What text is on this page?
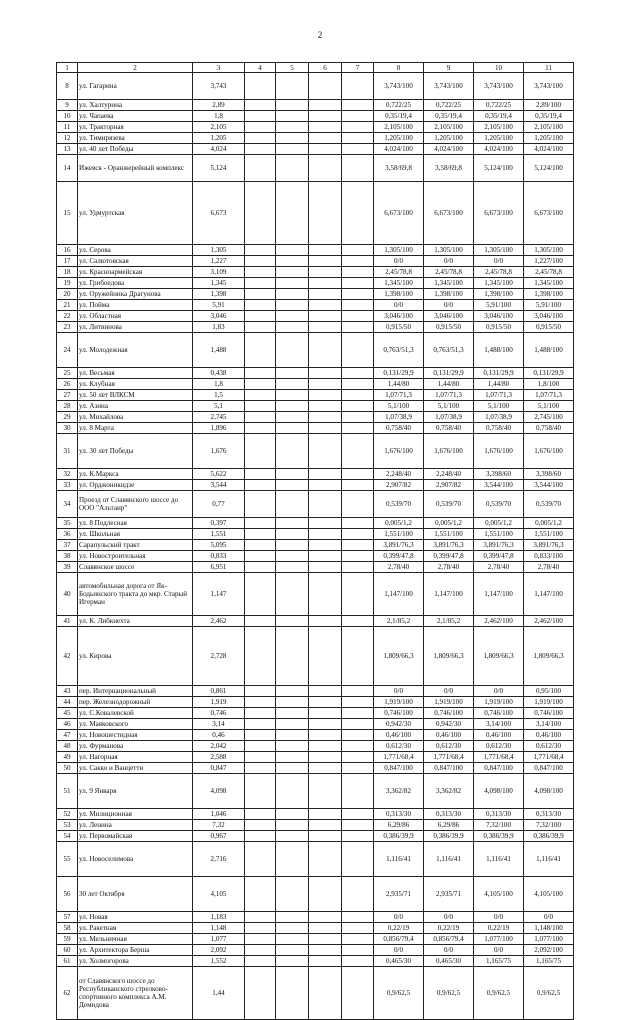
2
1	2	3	4	5	6	7	8	9	10	11
8	ул. Гагарина	3,743					3,743/100	3,743/100	3,743/100	3,743/100
9	ул. Халтурина	2,89					0,722/25	0,722/25	0,722/25	2,89/100
10	ул. Чапаева	1,8					0,35/19,4	0,35/19,4	0,35/19,4	0,35/19,4
11	ул. Тракторная	2,105					2,105/100	2,105/100	2,105/100	2,105/100
12	ул. Тимирязева	1,205					1,205/100	1,205/100	1,205/100	1,205/100
13	ул. 40 лет Победы	4,024					4,024/100	4,024/100	4,024/100	4,024/100
14	Ижевск - Оранжерейный комплекс	5,124					3,58/69,8	3,58/69,8	5,124/100	5,124/100
15	ул. Удмуртская	6,673					6,673/100	6,673/100	6,673/100	6,673/100
16	ул. Серова	1,305					1,305/100	1,305/100	1,305/100	1,305/100
17	ул. Салютовская	1,227					0/0	0/0	0/0	1,227/100
18	ул. Красноармейская	3,109					2,45/78,8	2,45/78,8	2,45/78,8	2,45/78,8
19	ул. Грибоедова	1,345					1,345/100	1,345/100	1,345/100	1,345/100
20	ул. Оружейника Драгунова	1,398					1,398/100	1,398/100	1,398/100	1,398/100
21	ул. Пойма	5,91					0/0	0/0	5,91/100	5,91/100
22	ул. Областная	3,046					3,046/100	3,046/100	3,046/100	3,046/100
23	ул. Литвинова	1,83					0,915/50	0,915/50	0,915/50	0,915/50
24	ул. Молодежная	1,488					0,763/51,3	0,763/51,3	1,488/100	1,488/100
25	ул. Весьмая	0,438					0,131/29,9	0,131/29,9	0,131/29,9	0,131/29,9
26	ул. Клубная	1,8					1,44/80	1,44/80	1,44/80	1,8/100
27	ул. 50 лет ВЛКСМ	1,5					1,07/71,3	1,07/71,3	1,07/71,3	1,07/71,3
28	ул. Азина	5,1					5,1/100	5,1/100	5,1/100	5,1/100
29	ул. Михайлова	2,745					1,07/38,9	1,07/38,9	1,07/38,9	2,745/100
30	ул. 8 Марта	1,896					0,758/40	0,758/40	0,758/40	0,758/40
31	ул. 30 лет Победы	1,676					1,676/100	1,676/100	1,676/100	1,676/100
32	ул. К.Маркса	5,622					2,248/40	2,248/40	3,398/60	3,398/60
33	ул. Орджоникидзе	3,544					2,907/82	2,907/82	3,544/100	3,544/100
34	Проезд от Славянского шоссе до ООО "Альтаир"	0,77					0,539/70	0,539/70	0,539/70	0,539/70
35	ул. 8 Подлесная	0,397					0,005/1,2	0,005/1,2	0,005/1,2	0,005/1,2
36	ул. Школьная	1,551					1,551/100	1,551/100	1,551/100	1,551/100
37	Сарапульский тракт	5,095					3,891/76,3	3,891/76,3	3,891/76,3	3,891/76,3
38	ул. Новостроительная	0,833					0,399/47,8	0,399/47,8	0,399/47,8	0,833/100
39	Славянское шоссе	6,951					2,78/40	2,78/40	2,78/40	2,78/40
40	автомобильная дорога от Як-Бодьинского тракта до мкр. Старый Игерман	1,147					1,147/100	1,147/100	1,147/100	1,147/100
41	ул. К. Либкнехта	2,462					2,1/85,2	2,1/85,2	2,462/100	2,462/100
42	ул. Кирова	2,728					1,809/66,3	1,809/66,3	1,809/66,3	1,809/66,3
43	пер. Интернациональный	0,861					0/0	0/0	0/0	0,95/100
44	пер. Железнодорожный	1,919					1,919/100	1,919/100	1,919/100	1,919/100
45	ул. С.Ковалевской	0,746					0,746/100	0,746/100	0,746/100	0,746/100
46	ул. Маяковского	3,14					0,942/30	0,942/30	3,14/100	3,14/100
47	ул. Новошестидная	0,46					0,46/100	0,46/100	0,46/100	0,46/100
48	ул. Фурманова	2,042					0,612/30	0,612/30	0,612/30	0,612/30
49	ул. Нагорная	2,588					1,771/68,4	1,771/68,4	1,771/68,4	1,771/68,4
50	ул. Сакко и Ванцетти	0,847					0,847/100	0,847/100	0,847/100	0,847/100
51	ул. 9 Января	4,098					3,362/82	3,362/82	4,098/100	4,098/100
52	ул. Милиционная	1,046					0,313/30	0,313/30	0,313/30	0,313/30
53	ул. Ленина	7,32					6,29/86	6,29/86	7,32/100	7,32/100
54	ул. Первомайская	0,967					0,386/39,9	0,386/39,9	0,386/39,9	0,386/39,9
55	ул. Новоселимова	2,716					1,116/41	1,116/41	1,116/41	1,116/41
56	30 лет Октября	4,105					2,935/71	2,935/71	4,105/100	4,105/100
57	ул. Новая	1,183					0/0	0/0	0/0	0/0
58	ул. Ракетная	1,148					0,22/19	0,22/19	0,22/19	1,148/100
59	ул. Мельничная	1,077					0,856/79,4	0,856/79,4	1,077/100	1,077/100
60	ул. Архитектора Берша	2,092					0/0	0/0	0/0	2,092/100
61	ул. Холмогорова	1,552					0,465/30	0,465/30	1,165/75	1,165/75
62	от Славянского шоссе до Республиканского стрелково-спортивного комплекса А.М. Демидова	1,44					0,9/62,5	0,9/62,5	0,9/62,5	0,9/62,5
